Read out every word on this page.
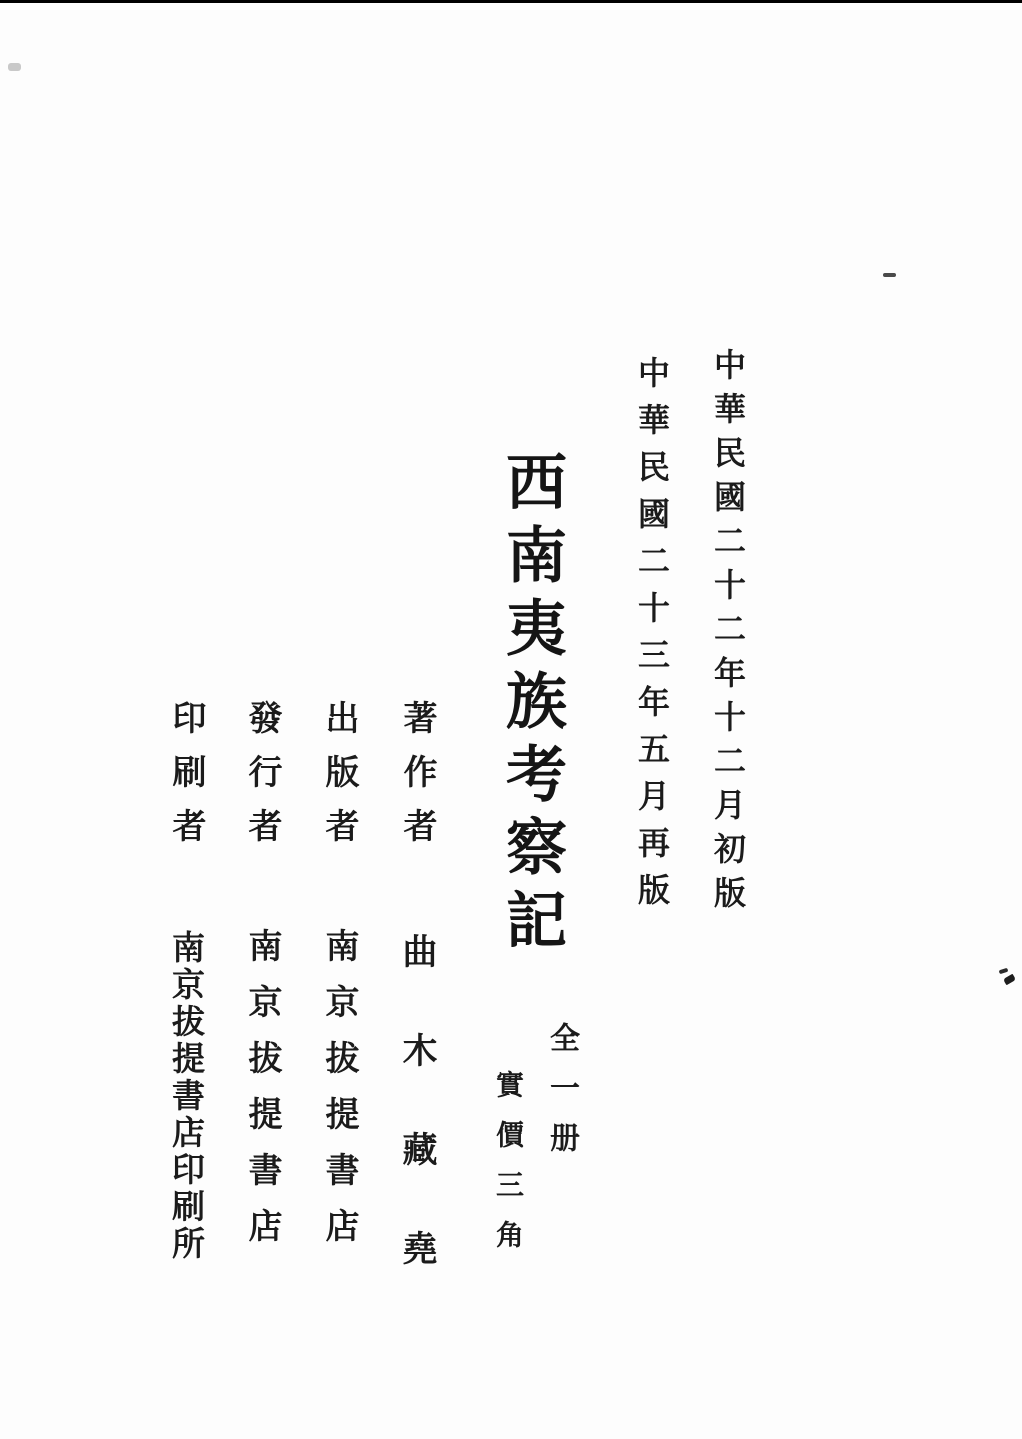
中華民國二十二年十二月初版
中華民國二十三年五月再版
西南夷族考察記
全一册
實價三角
著作者
曲木藏堯
出版者
南京拔提書店
發行者
南京拔提書店
印刷者
南京拔提書店印刷所
